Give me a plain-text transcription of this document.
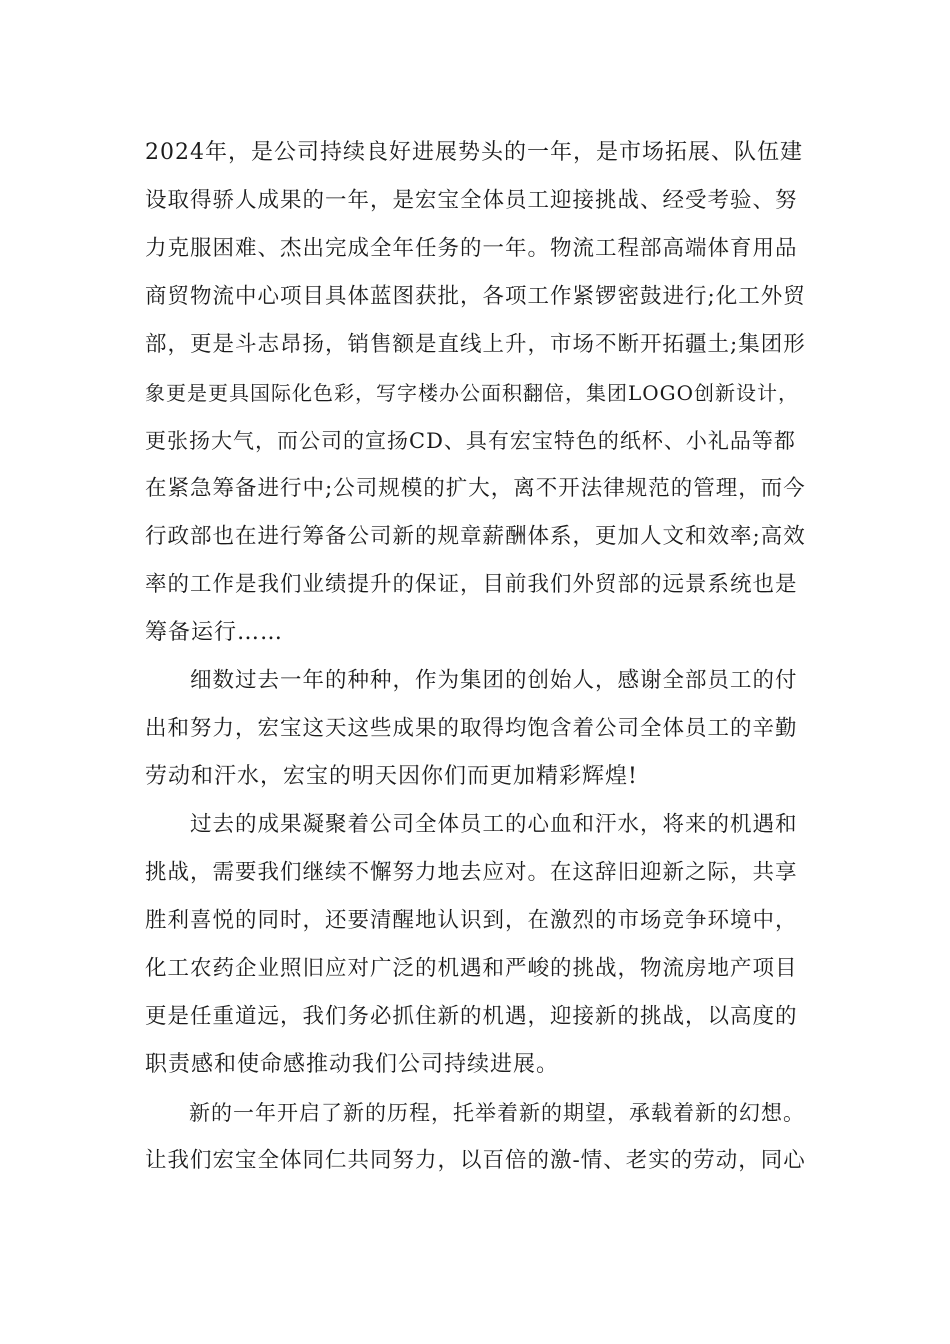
2024年，是公司持续良好进展势头的一年，是市场拓展、队伍建
设取得骄人成果的一年，是宏宝全体员工迎接挑战、经受考验、努
力克服困难、杰出完成全年任务的一年。物流工程部高端体育用品
商贸物流中心项目具体蓝图获批，各项工作紧锣密鼓进行;化工外贸
部，更是斗志昂扬，销售额是直线上升，市场不断开拓疆土;集团形
象更是更具国际化色彩，写字楼办公面积翻倍，集团LOGO创新设计，
更张扬大气，而公司的宣扬CD、具有宏宝特色的纸杯、小礼品等都
在紧急筹备进行中;公司规模的扩大，离不开法律规范的管理，而今
行政部也在进行筹备公司新的规章薪酬体系，更加人文和效率;高效
率的工作是我们业绩提升的保证，目前我们外贸部的远景系统也是
筹备运行……
　　细数过去一年的种种，作为集团的创始人，感谢全部员工的付
出和努力，宏宝这天这些成果的取得均饱含着公司全体员工的辛勤
劳动和汗水，宏宝的明天因你们而更加精彩辉煌!
　　过去的成果凝聚着公司全体员工的心血和汗水，将来的机遇和
挑战，需要我们继续不懈努力地去应对。在这辞旧迎新之际，共享
胜利喜悦的同时，还要清醒地认识到，在激烈的市场竞争环境中，
化工农药企业照旧应对广泛的机遇和严峻的挑战，物流房地产项目
更是任重道远，我们务必抓住新的机遇，迎接新的挑战，以高度的
职责感和使命感推动我们公司持续进展。
　　新的一年开启了新的历程，托举着新的期望，承载着新的幻想。
让我们宏宝全体同仁共同努力，以百倍的激-情、老实的劳动，同心
